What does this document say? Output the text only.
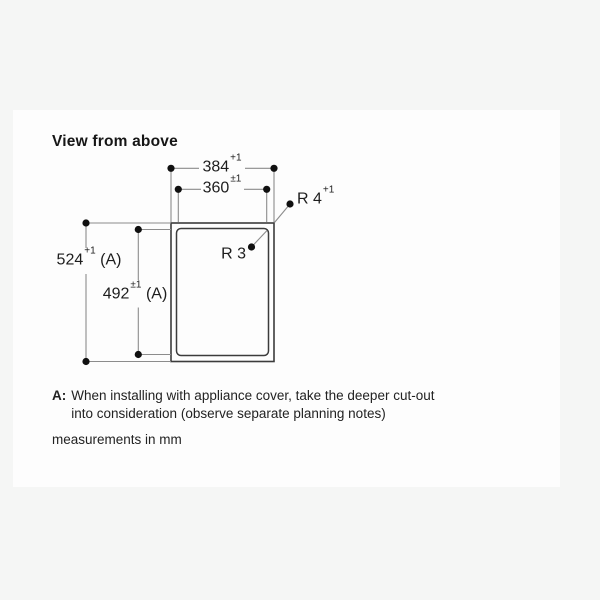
View from above
$384^{+1}$
$360^{\pm 1}$
$524^{+1}$ (A)
$492^{\pm 1}$ (A)
R 3
R $4^{+1}$
A: When installing with appliance cover, take the deeper cut-out
into consideration (observe separate planning notes)
measurements in mm
